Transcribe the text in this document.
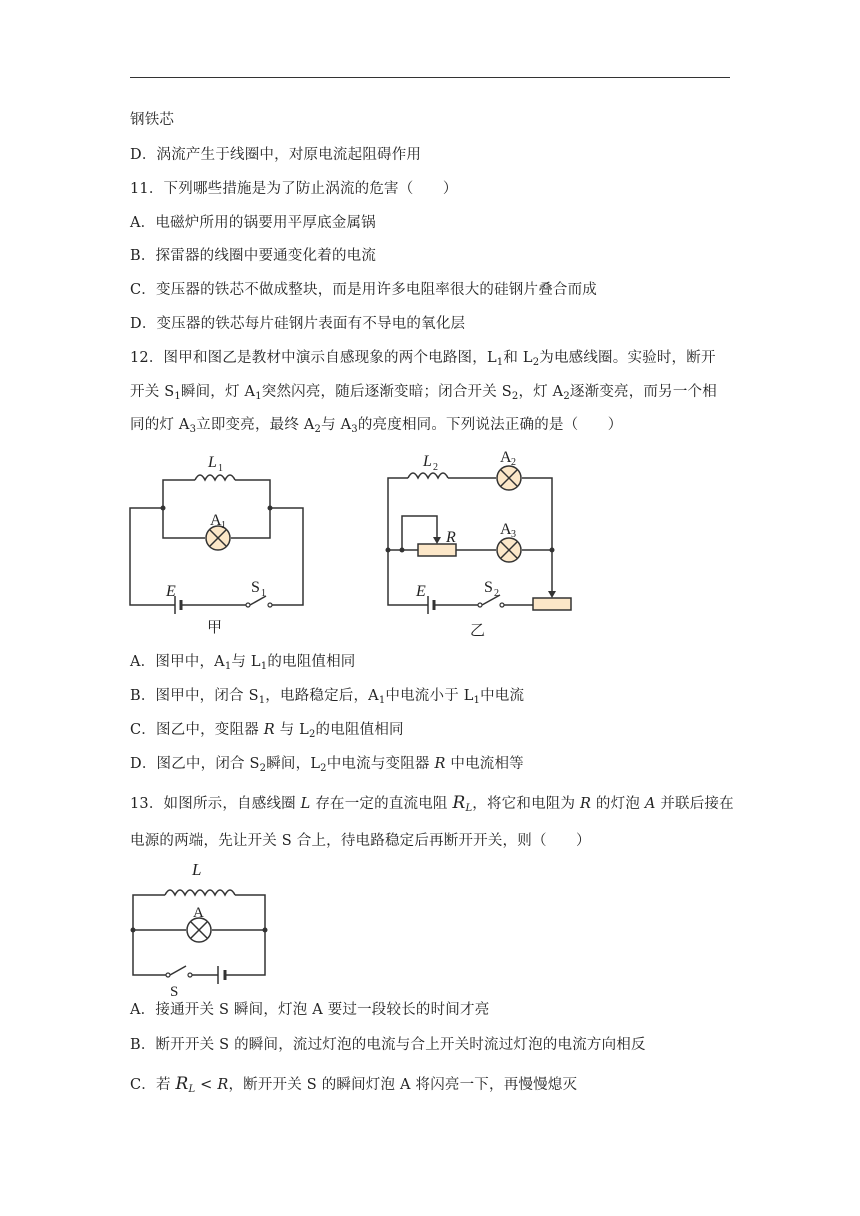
钢铁芯
D．涡流产生于线圈中，对原电流起阻碍作用
11．下列哪些措施是为了防止涡流的危害（　　）
A．电磁炉所用的锅要用平厚底金属锅
B．探雷器的线圈中要通变化着的电流
C．变压器的铁芯不做成整块，而是用许多电阻率很大的硅钢片叠合而成
D．变压器的铁芯每片硅钢片表面有不导电的氧化层
12．图甲和图乙是教材中演示自感现象的两个电路图，$L_1$和 $L_2$为电感线圈。实验时，断开
开关 $S_1$瞬间，灯 $A_1$突然闪亮，随后逐渐变暗；闭合开关 $S_2$，灯 $A_2$逐渐变亮，而另一个相
同的灯 $A_3$立即变亮，最终 $A_2$与 $A_3$的亮度相同。下列说法正确的是（　　）
L 1
A 1
E	S 1
甲
L 2
A 2
R	A 3
E	S 2
乙
L
A
S
A．图甲中，$A_1$与 $L_1$的电阻值相同
B．图甲中，闭合 $S_1$，电路稳定后，$A_1$中电流小于 $L_1$中电流
C．图乙中，变阻器 R 与 $L_2$的电阻值相同
D．图乙中，闭合 $S_2$瞬间，$L_2$中电流与变阻器 R 中电流相等
13．如图所示，自感线圈 L 存在一定的直流电阻 $R_L$，将它和电阻为 R 的灯泡 A 并联后接在
电源的两端，先让开关 S 合上，待电路稳定后再断开开关，则（　　）
A．接通开关 S 瞬间，灯泡 A 要过一段较长的时间才亮
B．断开开关 S 的瞬间，流过灯泡的电流与合上开关时流过灯泡的电流方向相反
C．若 $R_L < R$，断开开关 S 的瞬间灯泡 A 将闪亮一下，再慢慢熄灭
